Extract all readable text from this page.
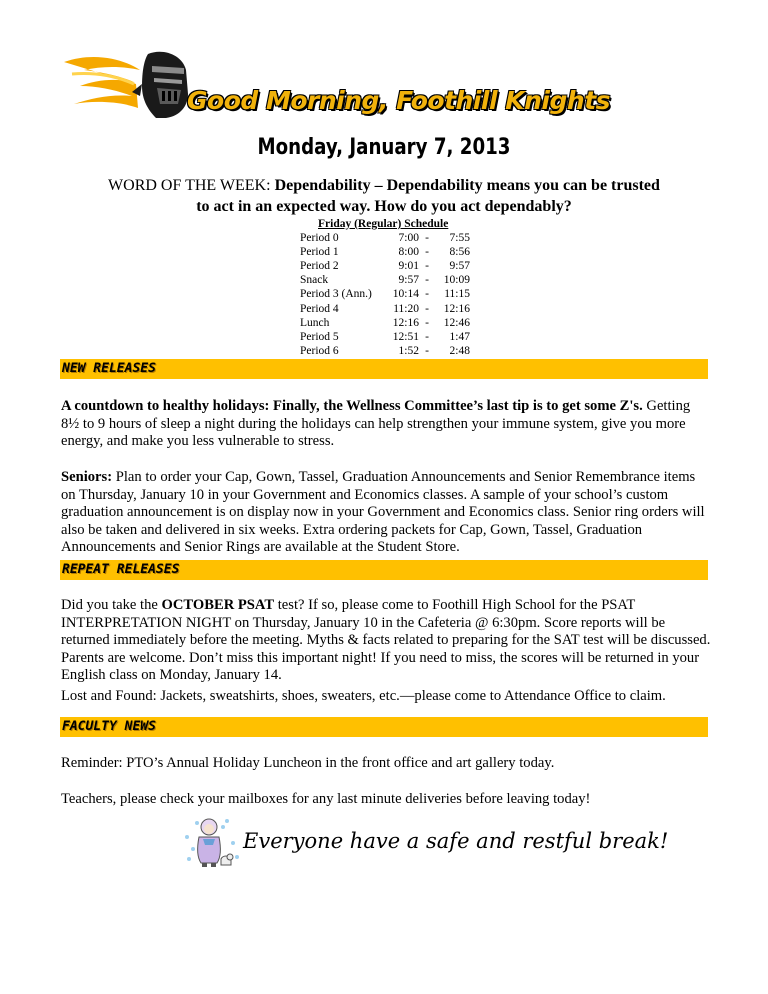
Good Morning, Foothill Knights
Monday, January 7, 2013
WORD OF THE WEEK: Dependability – Dependability means you can be trusted to act in an expected way. How do you act dependably?
Friday (Regular) Schedule
Period 0	7:00 -	7:55
Period 1	8:00 -	8:56
Period 2	9:01 -	9:57
Snack	9:57 -	10:09
Period 3 (Ann.)	10:14 -	11:15
Period 4	11:20 -	12:16
Lunch	12:16 -	12:46
Period 5	12:51 -	1:47
Period 6	1:52 -	2:48
NEW RELEASES
A countdown to healthy holidays: Finally, the Wellness Committee’s last tip is to get some Z's. Getting 8½ to 9 hours of sleep a night during the holidays can help strengthen your immune system, give you more energy, and make you less vulnerable to stress.
Seniors: Plan to order your Cap, Gown, Tassel, Graduation Announcements and Senior Remembrance items on Thursday, January 10 in your Government and Economics classes. A sample of your school’s custom graduation announcement is on display now in your Government and Economics class. Senior ring orders will also be taken and delivered in six weeks. Extra ordering packets for Cap, Gown, Tassel, Graduation Announcements and Senior Rings are available at the Student Store.
REPEAT RELEASES
Did you take the OCTOBER PSAT test? If so, please come to Foothill High School for the PSAT INTERPRETATION NIGHT on Thursday, January 10 in the Cafeteria @ 6:30pm. Score reports will be returned immediately before the meeting. Myths & facts related to preparing for the SAT test will be discussed. Parents are welcome. Don’t miss this important night! If you need to miss, the scores will be returned in your English class on Monday, January 14.
Lost and Found: Jackets, sweatshirts, shoes, sweaters, etc.—please come to Attendance Office to claim.
FACULTY NEWS
Reminder: PTO’s Annual Holiday Luncheon in the front office and art gallery today.
Teachers, please check your mailboxes for any last minute deliveries before leaving today!
Everyone have a safe and restful break!
